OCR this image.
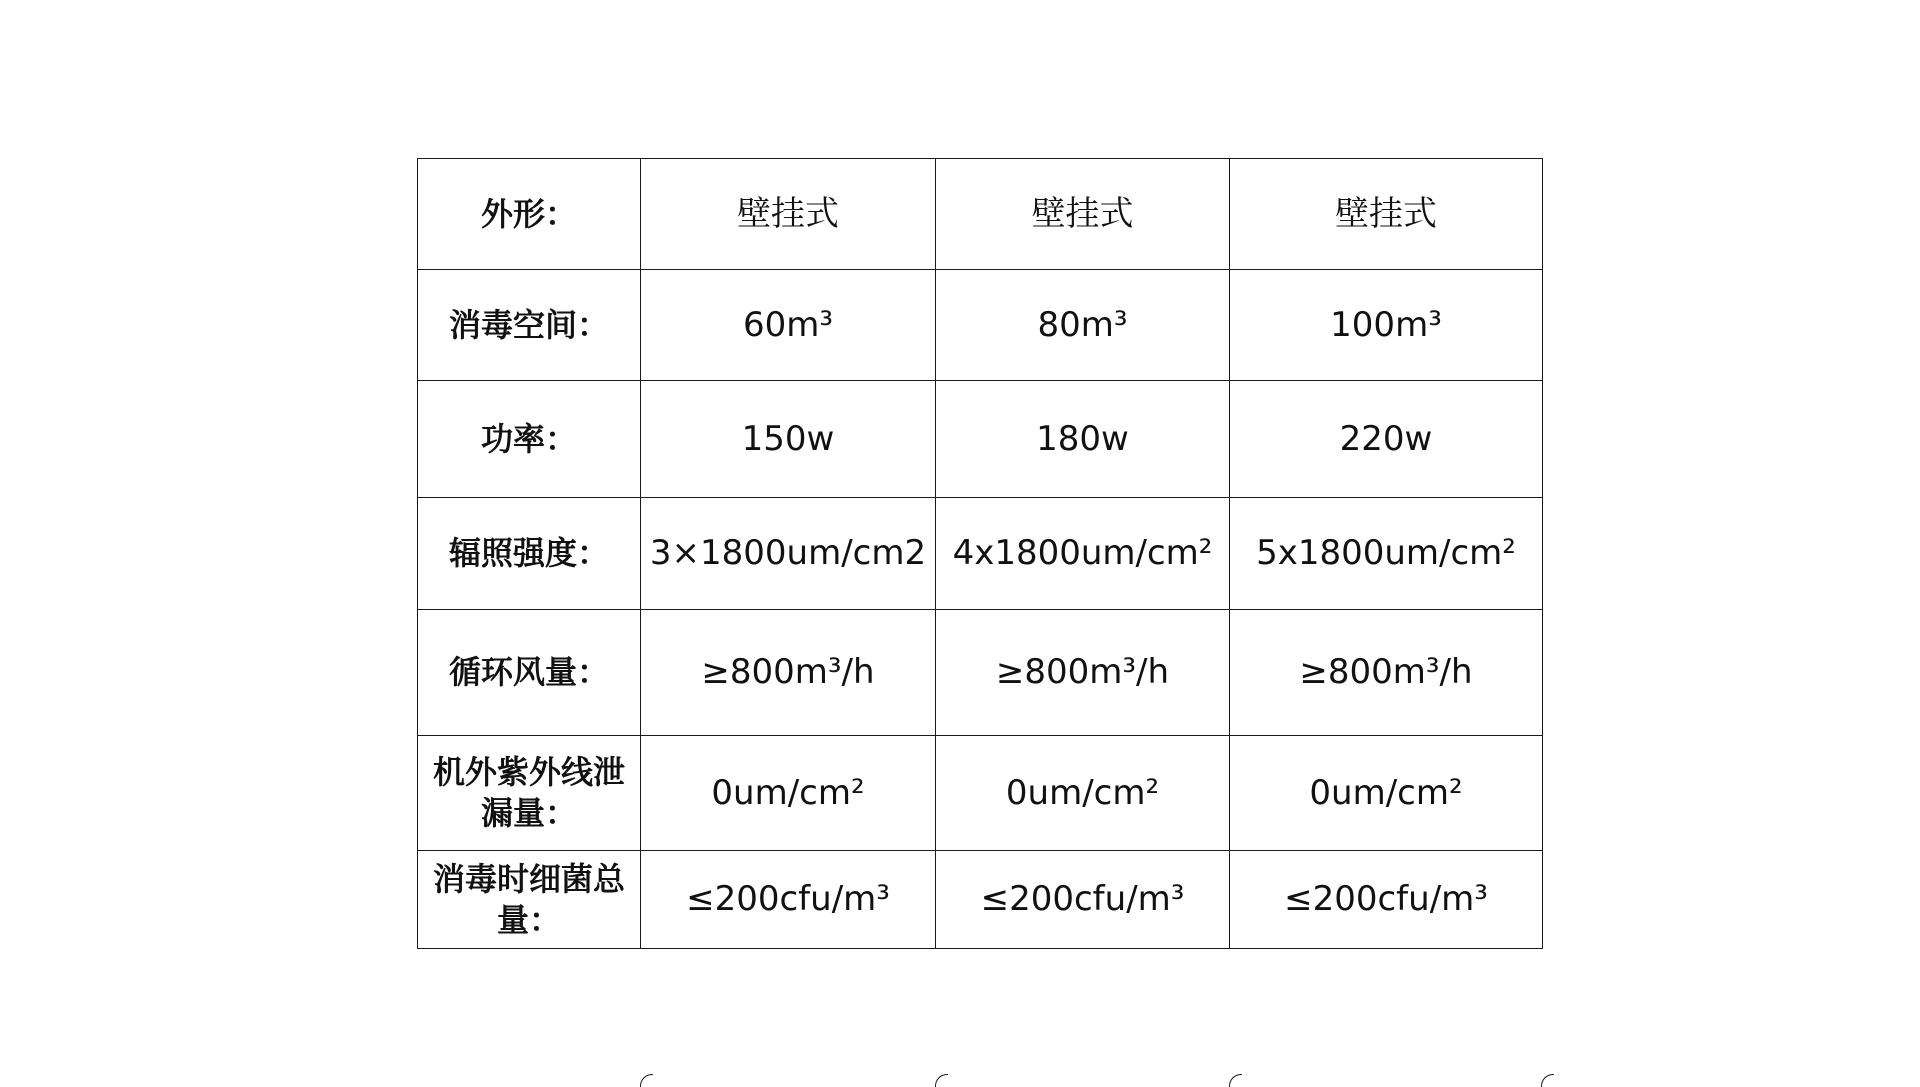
外形：	壁挂式	壁挂式	壁挂式
消毒空间：	60m³	80m³	100m³
功率：	150w	180w	220w
辐照强度：	3×1800um/cm2	4x1800um/cm²	5x1800um/cm²
循环风量：	≥800m³/h	≥800m³/h	≥800m³/h
机外紫外线泄漏量：	0um/cm²	0um/cm²	0um/cm²
消毒时细菌总量：	≤200cfu/m³	≤200cfu/m³	≤200cfu/m³
